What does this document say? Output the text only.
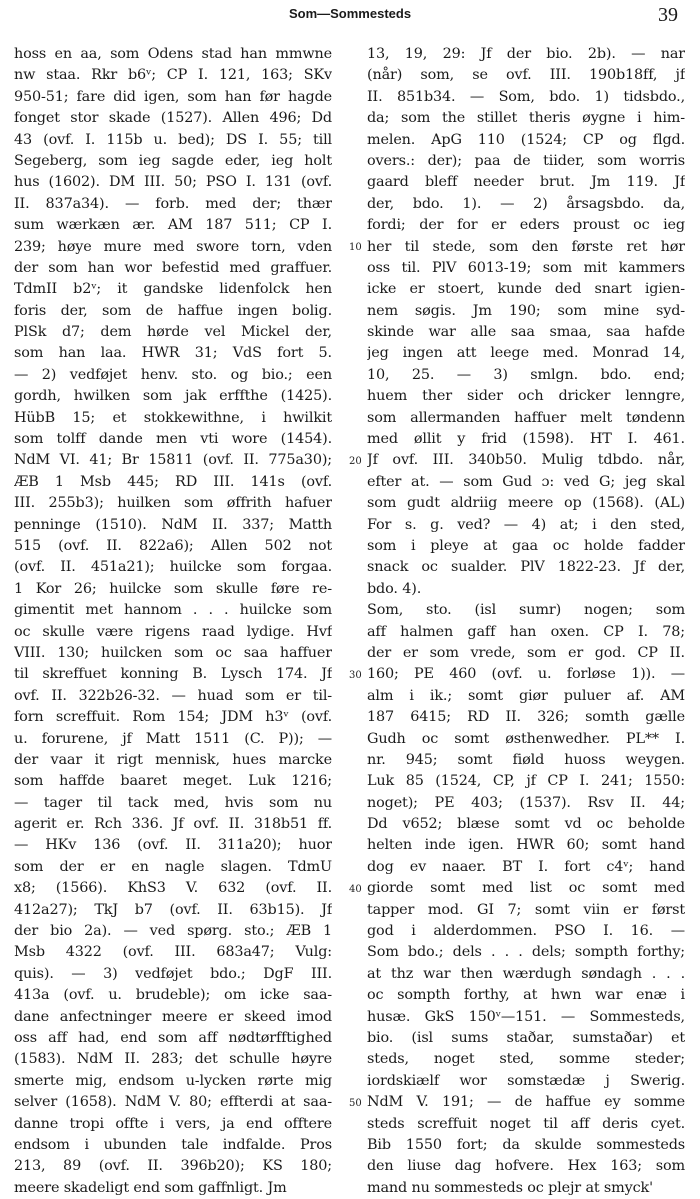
Som—Sommesteds	39
hoss en aa, som Odens stad han mmwne
nw staa. Rkr b6ᵛ; CP I. 121, 163; SKv
950-51; fare did igen, som han før hagde
fonget stor skade (1527). Allen 496; Dd
43 (ovf. I. 115b u. bed); DS I. 55; till
Segeberg, som ieg sagde eder, ieg holt
hus (1602). DM III. 50; PSO I. 131 (ovf.
II. 837a34). — forb. med der; thær
sum wærkæn ær. AM 187 511; CP I.
239; høye mure med swore torn, vden
der som han wor befestid med graffuer.
TdmII b2ᵛ; it gandske lidenfolck hen
foris der, som de haffue ingen bolig.
PlSk d7; dem hørde vel Mickel der,
som han laa. HWR 31; VdS fort 5.
— 2) vedføjet henv. sto. og bio.; een
gordh, hwilken som jak erffthe (1425).
HübB 15; et stokkewithne, i hwilkit
som tolff dande men vti wore (1454).
NdM VI. 41; Br 15811 (ovf. II. 775a30);
ÆB 1 Msb 445; RD III. 141s (ovf.
III. 255b3); huilken som øffrith hafuer
penninge (1510). NdM II. 337; Matth
515 (ovf. II. 822a6); Allen 502 not
(ovf. II. 451a21); huilcke som forgaa.
1 Kor 26; huilcke som skulle føre re-
gimentit met hannom . . . huilcke som
oc skulle være rigens raad lydige. Hvf
VIII. 130; huilcken som oc saa haffuer
til skreffuet konning B. Lysch 174. Jf
ovf. II. 322b26-32. — huad som er til-
forn screffuit. Rom 154; JDM h3ᵛ (ovf.
u. forurene, jf Matt 1511 (C. P)); —
der vaar it rigt mennisk, hues marcke
som haffde baaret meget. Luk 1216;
— tager til tack med, hvis som nu
agerit er. Rch 336. Jf ovf. II. 318b51 ff.
— HKv 136 (ovf. II. 311a20); huor
som der er en nagle slagen. TdmU
x8; (1566). KhS3 V. 632 (ovf. II.
412a27); TkJ b7 (ovf. II. 63b15). Jf
der bio 2a). — ved spørg. sto.; ÆB 1
Msb 4322 (ovf. III. 683a47; Vulg:
quis). — 3) vedføjet bdo.; DgF III.
413a (ovf. u. brudeble); om icke saa-
dane anfectninger meere er skeed imod
oss aff had, end som aff nødtørfftighed
(1583). NdM II. 283; det schulle høyre
smerte mig, endsom u-lycken rørte mig
selver (1658). NdM V. 80; effterdi at saa-
danne tropi offte i vers, ja end offtere
endsom i ubunden tale indfalde. Pros
213, 89 (ovf. II. 396b20); KS 180;
meere skadeligt end som gaffnligt. Jm
13, 19, 29: Jf der bio. 2b). — nar
(når) som, se ovf. III. 190b18ff, jf
II. 851b34. — Som, bdo. 1) tidsbdo.,
da; som the stillet theris øygne i him-
melen. ApG 110 (1524; CP og flgd.
overs.: der); paa de tiider, som worris
gaard bleff needer brut. Jm 119. Jf
der, bdo. 1). — 2) årsagsbdo. da,
fordi; der for er eders proust oc ieg
her til stede, som den første ret hør
oss til. PlV 6013-19; som mit kammers
icke er stoert, kunde ded snart igien-
nem søgis. Jm 190; som mine syd-
skinde war alle saa smaa, saa hafde
jeg ingen att leege med. Monrad 14,
10, 25. — 3) smlgn. bdo. end;
huem ther sider och dricker lenngre,
som allermanden haffuer melt tøndenn
med øllit y frid (1598). HT I. 461.
Jf ovf. III. 340b50. Mulig tdbdo. når,
efter at. — som Gud ɔ: ved G; jeg skal
som gudt aldriig meere op (1568). (AL)
For s. g. ved? — 4) at; i den sted,
som i pleye at gaa oc holde fadder
snack oc sualder. PlV 1822-23. Jf der,
bdo. 4).
Som, sto. (isl sumr) nogen; som
aff halmen gaff han oxen. CP I. 78;
der er som vrede, som er god. CP II.
160; PE 460 (ovf. u. forløse 1)). —
alm i ik.; somt giør puluer af. AM
187 6415; RD II. 326; somth gælle
Gudh oc somt østhenwedher. PL** I.
nr. 945; somt fiøld huoss weygen.
Luk 85 (1524, CP, jf CP I. 241; 1550:
noget); PE 403; (1537). Rsv II. 44;
Dd v652; blæse somt vd oc beholde
helten inde igen. HWR 60; somt hand
dog ev naaer. BT I. fort c4ᵛ; hand
giorde somt med list oc somt med
tapper mod. GI 7; somt viin er først
god i alderdommen. PSO I. 16. —
Som bdo.; dels . . . dels; sompth forthy;
at thz war then wærdugh søndagh . . .
oc sompth forthy, at hwn war enæ i
husæ. GkS 150ᵛ—151. — Sommesteds,
bio. (isl sums staðar, sumstaðar) et
steds, noget sted, somme steder;
iordskiælf wor somstædæ j Swerig.
NdM V. 191; — de haffue ey somme
steds screffuit noget til aff deris cyet.
Bib 1550 fort; da skulde sommesteds
den liuse dag hofvere. Hex 163; som
mand nu sommesteds oc plejr at smyck'
10
20
30
40
50
